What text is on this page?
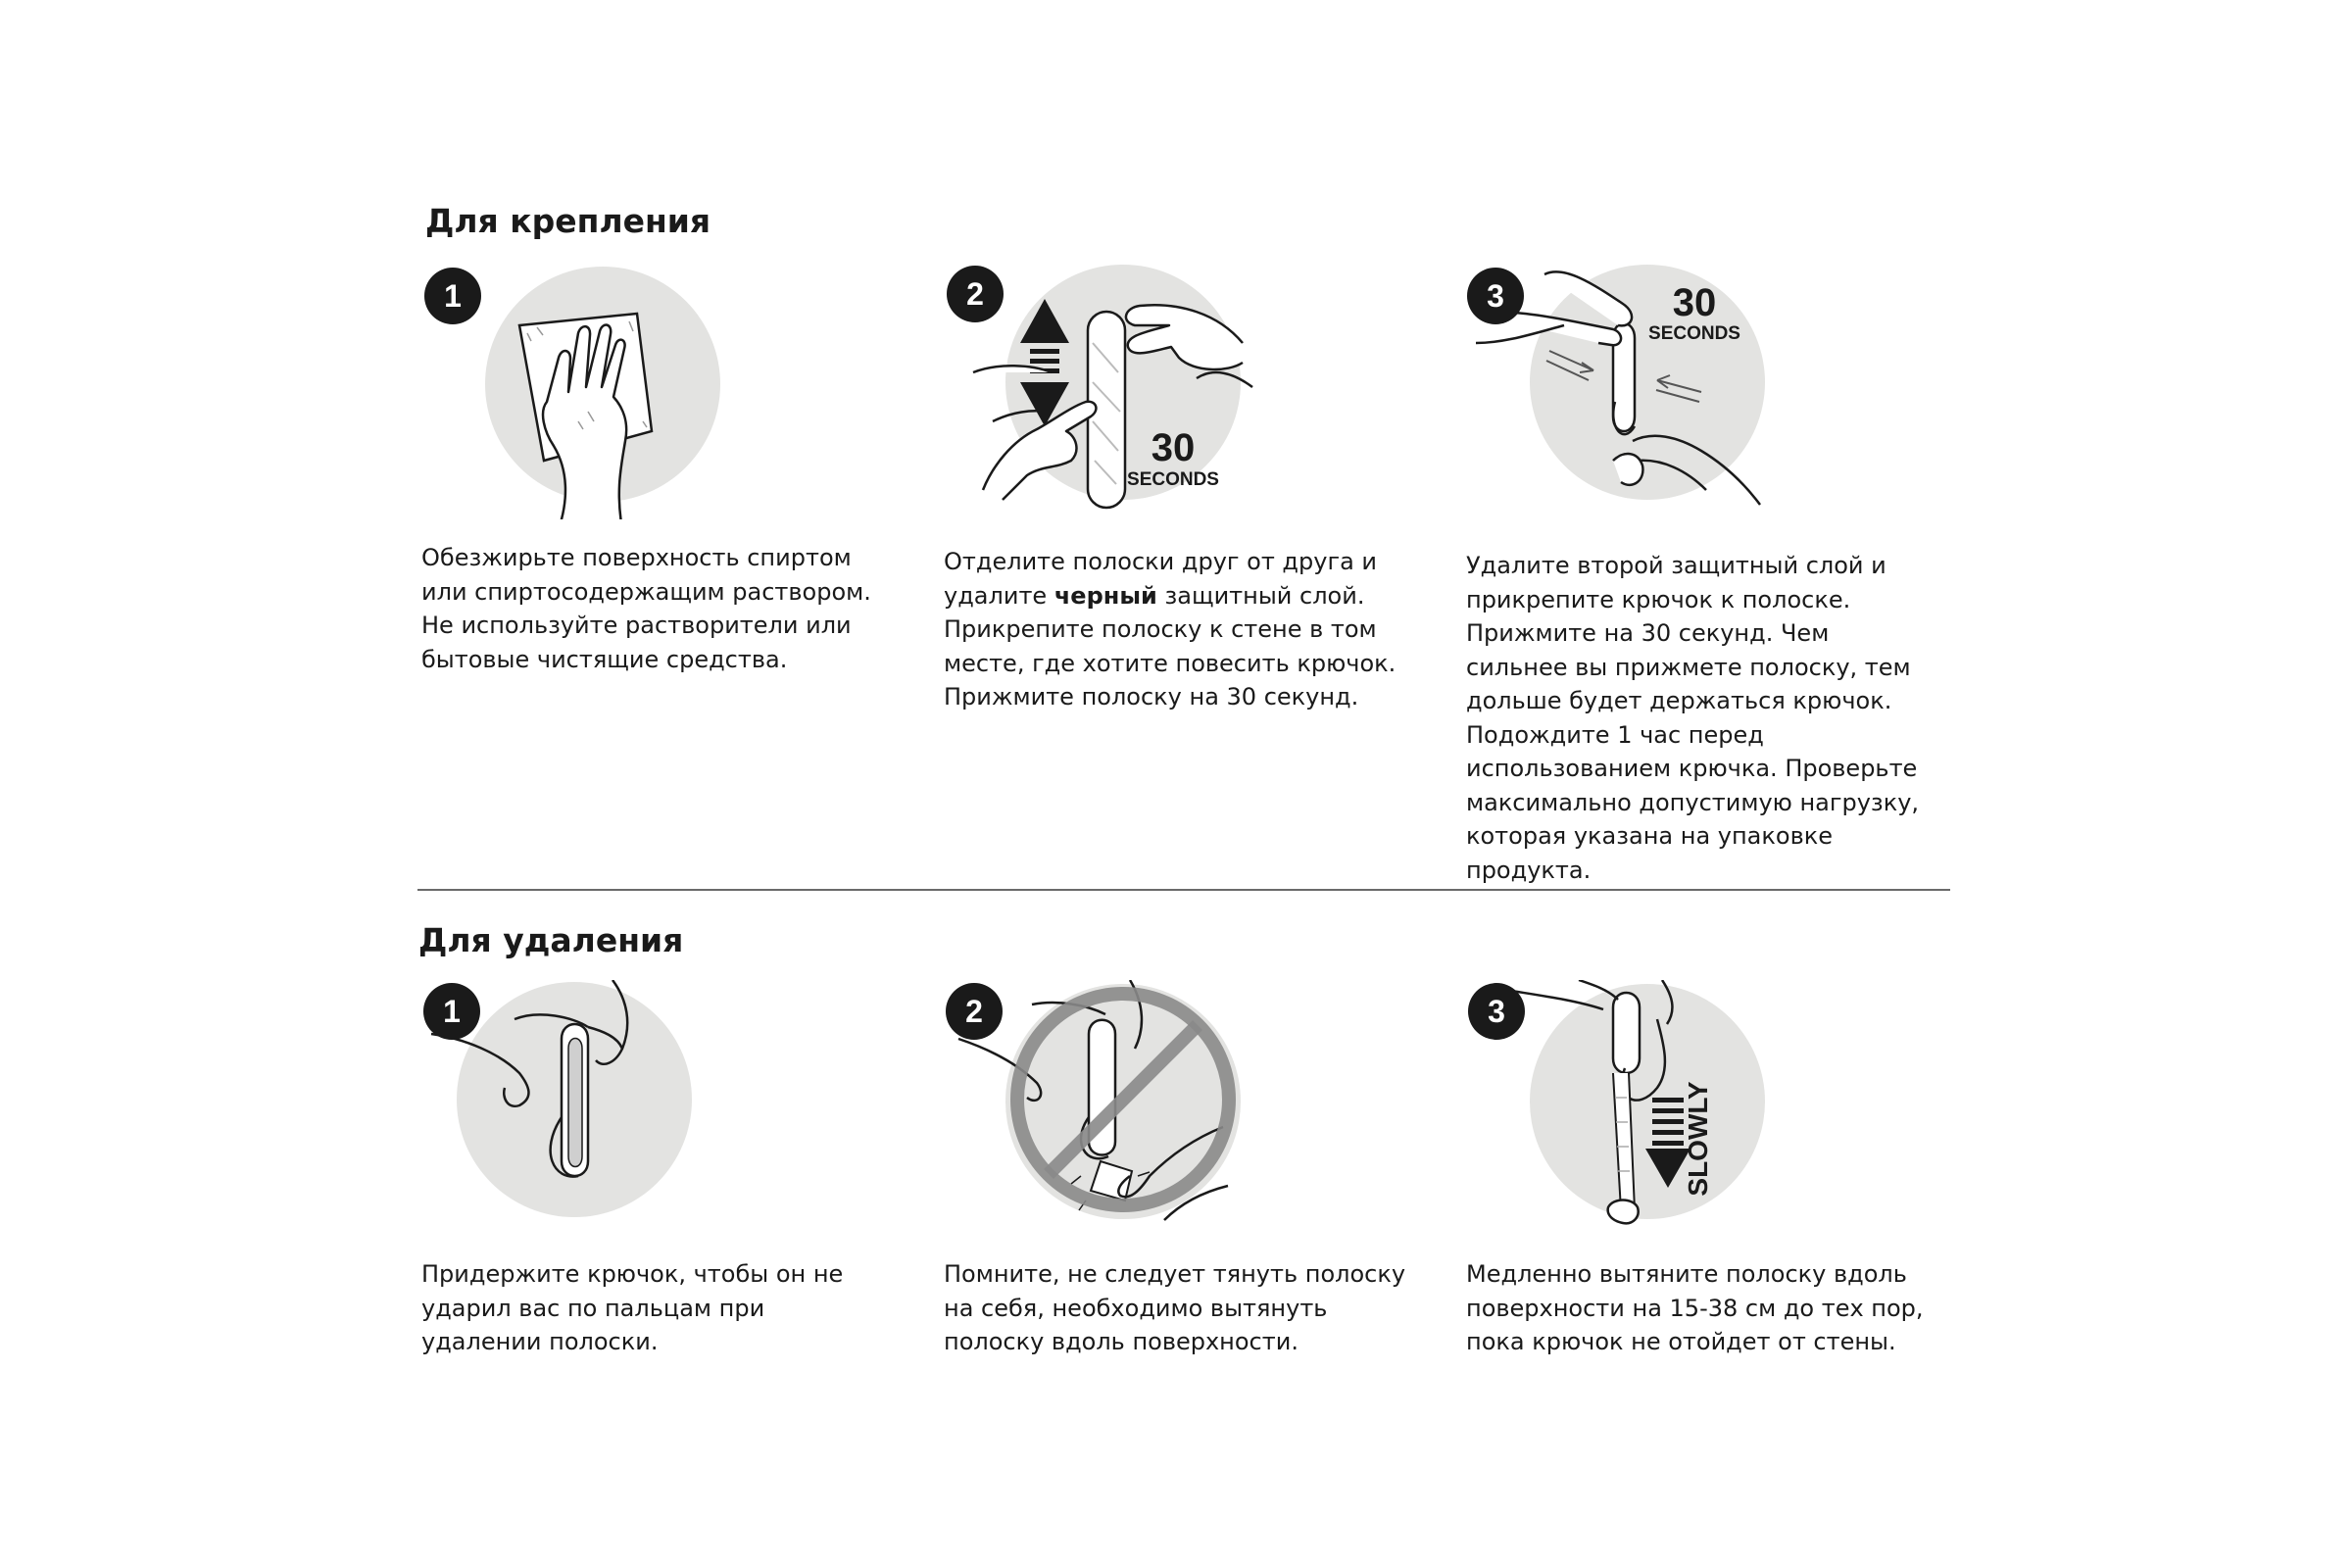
Для крепления
1

Обезжирьте поверхность спиртом или спиртосодержащим раствором. Не используйте растворители или бытовые чистящие средства.

30
SECONDS
2

Отделите полоски друг от друга и удалите черный защитный слой. Прикрепите полоску к стене в том месте, где хотите повесить крючок. Прижмите полоску на 30 секунд.

30
SECONDS
3

Удалите второй защитный слой и прикрепите крючок к полоске. Прижмите на 30 секунд. Чем сильнее вы прижмете полоску, тем дольше будет держаться крючок. Подождите 1 час перед использованием крючка. Проверьте максимально допустимую нагрузку, которая указана на упаковке продукта.

Для удаления
1

Придержите крючок, чтобы он не ударил вас по пальцам при удалении полоски.

2

Помните, не следует тянуть полоску на себя, необходимо вытянуть полоску вдоль поверхности.

SLOWLY
3

Медленно вытяните полоску вдоль поверхности на 15-38 см до тех пор, пока крючок не отойдет от стены.
